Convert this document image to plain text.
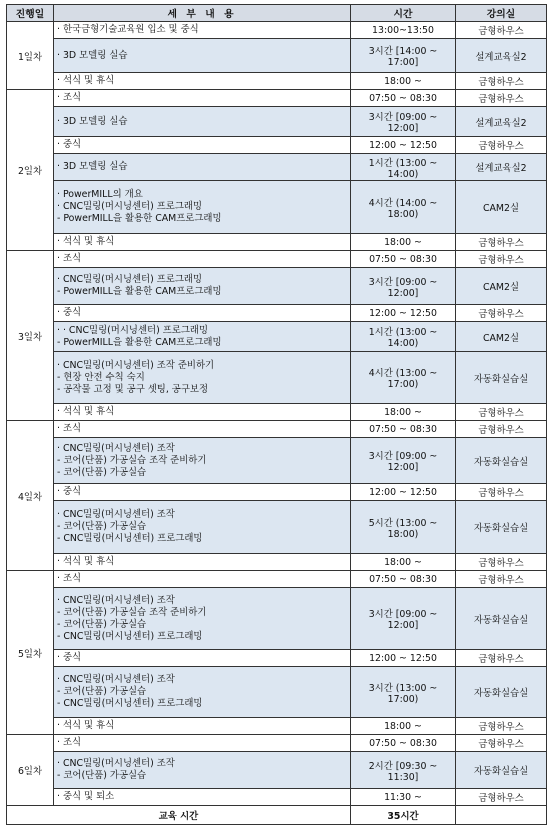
진행일	세 부 내 용	시간	강의실
1일차	· 한국금형기술교육원 입소 및 중식	13:00~13:50	금형하우스

	· 3D 모델링 실습	3시간 [14:00 ~ 17:00]	설계교육실2

	· 석식 및 휴식	18:00 ~	금형하우스
2일차	· 조식	07:50 ~ 08:30	금형하우스

	· 3D 모델링 실습	3시간 [09:00 ~ 12:00]	설계교육실2

	· 중식	12:00 ~ 12:50	금형하우스

	· 3D 모델링 실습	1시간 (13:00 ~ 14:00)	설계교육실2

	· PowerMILL의 개요
· CNC밀링(머시닝센터) 프로그래밍
- PowerMILL을 활용한 CAM프로그래밍	4시간 (14:00 ~ 18:00)	CAM2실

	· 석식 및 휴식	18:00 ~	금형하우스
3일차	· 조식	07:50 ~ 08:30	금형하우스

	· CNC밀링(머시닝센터) 프로그래밍
- PowerMILL을 활용한 CAM프로그래밍	3시간 [09:00 ~ 12:00]	CAM2실

	· 중식	12:00 ~ 12:50	금형하우스

	· · CNC밀링(머시닝센터) 프로그래밍
- PowerMILL을 활용한 CAM프로그래밍	1시간 (13:00 ~ 14:00)	CAM2실

	· CNC밀링(머시닝센터) 조작 준비하기
- 현장 안전 수칙 숙지
- 공작물 고정 및 공구 셋팅, 공구보정	4시간 (13:00 ~ 17:00)	자동화실습실

	· 석식 및 휴식	18:00 ~	금형하우스
4일차	· 조식	07:50 ~ 08:30	금형하우스

	· CNC밀링(머시닝센터) 조작
- 코어(단품) 가공실습 조작 준비하기
- 코어(단품) 가공실습	3시간 [09:00 ~ 12:00]	자동화실습실

	· 중식	12:00 ~ 12:50	금형하우스

	· CNC밀링(머시닝센터) 조작
- 코어(단품) 가공실습
- CNC밀링(머시닝센터) 프로그래밍	5시간 (13:00 ~ 18:00)	자동화실습실

	· 석식 및 휴식	18:00 ~	금형하우스
5일차	· 조식	07:50 ~ 08:30	금형하우스

	· CNC밀링(머시닝센터) 조작
- 코어(단품) 가공실습 조작 준비하기
- 코어(단품) 가공실습
- CNC밀링(머시닝센터) 프로그래밍	3시간 [09:00 ~ 12:00]	자동화실습실

	· 중식	12:00 ~ 12:50	금형하우스

	· CNC밀링(머시닝센터) 조작
- 코어(단품) 가공실습
- CNC밀링(머시닝센터) 프로그래밍	3시간 (13:00 ~ 17:00)	자동화실습실

	· 석식 및 휴식	18:00 ~	금형하우스
6일차	· 조식	07:50 ~ 08:30	금형하우스

	· CNC밀링(머시닝센터) 조작
- 코어(단품) 가공실습	2시간 [09:30 ~ 11:30]	자동화실습실

	· 중식 및 퇴소	11:30 ~	금형하우스
교육 시간		35시간	
